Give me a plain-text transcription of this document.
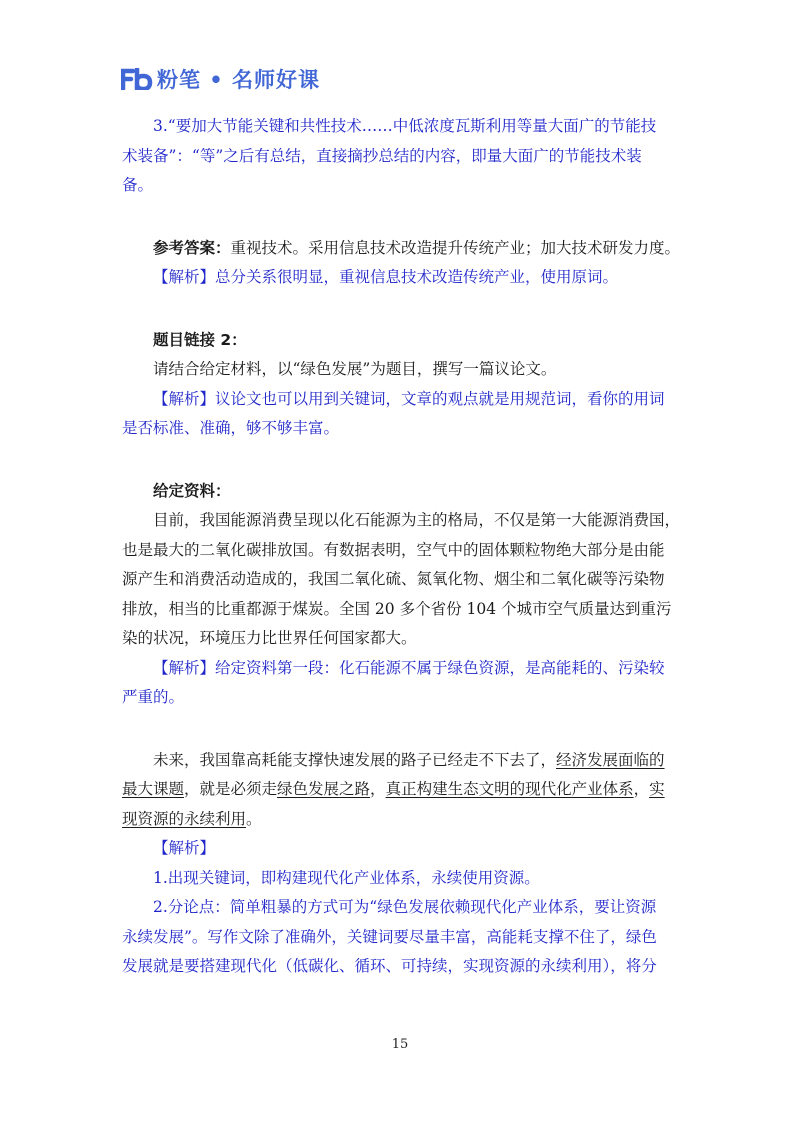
粉笔 • 名师好课
3.“要加大节能关键和共性技术……中低浓度瓦斯利用等量大面广的节能技
术装备”：“等”之后有总结，直接摘抄总结的内容，即量大面广的节能技术装
备。
参考答案：重视技术。采用信息技术改造提升传统产业；加大技术研发力度。
【解析】总分关系很明显，重视信息技术改造传统产业，使用原词。
题目链接 2：
请结合给定材料，以“绿色发展”为题目，撰写一篇议论文。
【解析】议论文也可以用到关键词，文章的观点就是用规范词，看你的用词
是否标准、准确，够不够丰富。
给定资料：
目前，我国能源消费呈现以化石能源为主的格局，不仅是第一大能源消费国，
也是最大的二氧化碳排放国。有数据表明，空气中的固体颗粒物绝大部分是由能
源产生和消费活动造成的，我国二氧化硫、氮氧化物、烟尘和二氧化碳等污染物
排放，相当的比重都源于煤炭。全国 20 多个省份 104 个城市空气质量达到重污
染的状况，环境压力比世界任何国家都大。
【解析】给定资料第一段：化石能源不属于绿色资源，是高能耗的、污染较
严重的。
未来，我国靠高耗能支撑快速发展的路子已经走不下去了，经济发展面临的
最大课题，就是必须走绿色发展之路，真正构建生态文明的现代化产业体系，实
现资源的永续利用。
【解析】
1.出现关键词，即构建现代化产业体系，永续使用资源。
2.分论点：简单粗暴的方式可为“绿色发展依赖现代化产业体系，要让资源
永续发展”。写作文除了准确外，关键词要尽量丰富，高能耗支撑不住了，绿色
发展就是要搭建现代化（低碳化、循环、可持续，实现资源的永续利用），将分
15
